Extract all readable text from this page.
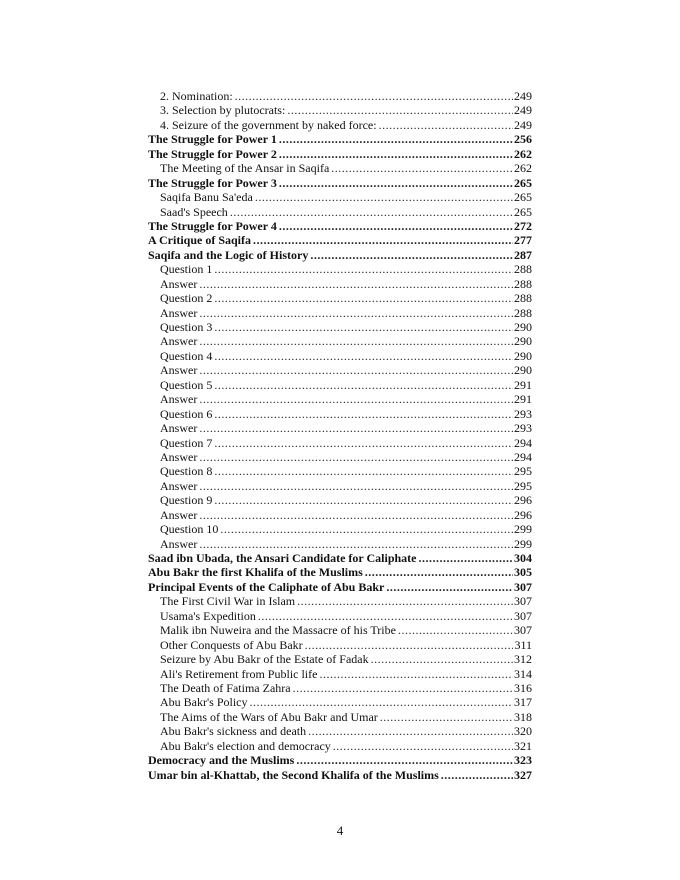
2. Nomination: .....	249
3. Selection by plutocrats: .....	249
4. Seizure of the government by naked force: .....	249
The Struggle for Power 1 .....	256
The Struggle for Power 2 .....	262
The Meeting of the Ansar in Saqifa .....	262
The Struggle for Power 3 .....	265
Saqifa Banu Sa'eda .....	265
Saad's Speech .....	265
The Struggle for Power 4 .....	272
A Critique of Saqifa .....	277
Saqifa and the Logic of History .....	287
Question 1 .....	288
Answer .....	288
Question 2 .....	288
Answer .....	288
Question 3 .....	290
Answer .....	290
Question 4 .....	290
Answer .....	290
Question 5 .....	291
Answer .....	291
Question 6 .....	293
Answer .....	293
Question 7 .....	294
Answer .....	294
Question 8 .....	295
Answer .....	295
Question 9 .....	296
Answer .....	296
Question 10 .....	299
Answer .....	299
Saad ibn Ubada, the Ansari Candidate for Caliphate .....	304
Abu Bakr the first Khalifa of the Muslims .....	305
Principal Events of the Caliphate of Abu Bakr .....	307
The First Civil War in Islam .....	307
Usama's Expedition .....	307
Malik ibn Nuweira and the Massacre of his Tribe .....	307
Other Conquests of Abu Bakr .....	311
Seizure by Abu Bakr of the Estate of Fadak .....	312
Ali's Retirement from Public life .....	314
The Death of Fatima Zahra .....	316
Abu Bakr's Policy .....	317
The Aims of the Wars of Abu Bakr and Umar .....	318
Abu Bakr's sickness and death .....	320
Abu Bakr's election and democracy .....	321
Democracy and the Muslims .....	323
Umar bin al-Khattab, the Second Khalifa of the Muslims .....	327
4
